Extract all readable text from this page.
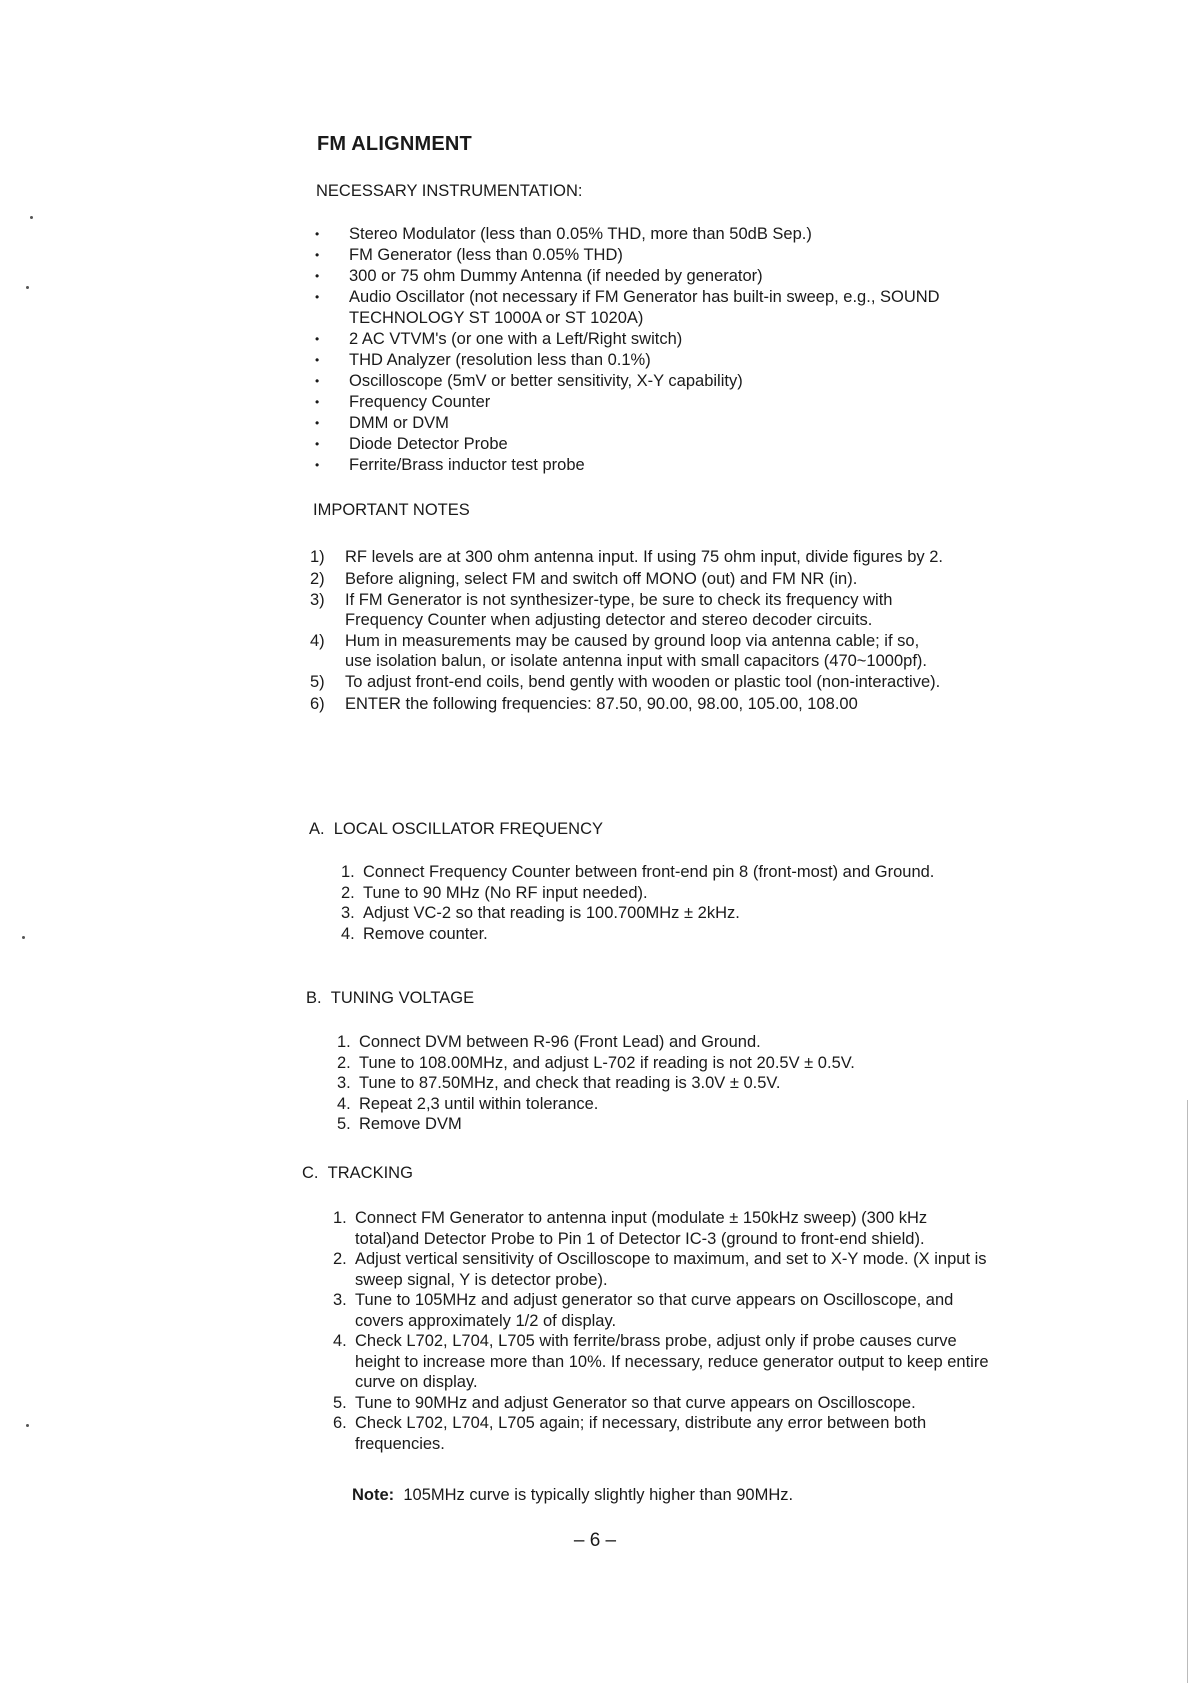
FM ALIGNMENT

NECESSARY INSTRUMENTATION:

• Stereo Modulator (less than 0.05% THD, more than 50dB Sep.)
• FM Generator (less than 0.05% THD)
• 300 or 75 ohm Dummy Antenna (if needed by generator)
• Audio Oscillator (not necessary if FM Generator has built-in sweep, e.g., SOUND TECHNOLOGY ST 1000A or ST 1020A)
• 2 AC VTVM's (or one with a Left/Right switch)
• THD Analyzer (resolution less than 0.1%)
• Oscilloscope (5mV or better sensitivity, X-Y capability)
• Frequency Counter
• DMM or DVM
• Diode Detector Probe
• Ferrite/Brass inductor test probe

IMPORTANT NOTES

1) RF levels are at 300 ohm antenna input. If using 75 ohm input, divide figures by 2.
2) Before aligning, select FM and switch off MONO (out) and FM NR (in).
3) If FM Generator is not synthesizer-type, be sure to check its frequency with Frequency Counter when adjusting detector and stereo decoder circuits.
4) Hum in measurements may be caused by ground loop via antenna cable; if so, use isolation balun, or isolate antenna input with small capacitors (470~1000pf).
5) To adjust front-end coils, bend gently with wooden or plastic tool (non-interactive).
6) ENTER the following frequencies: 87.50, 90.00, 98.00, 105.00, 108.00

A.  LOCAL OSCILLATOR FREQUENCY

1. Connect Frequency Counter between front-end pin 8 (front-most) and Ground.
2. Tune to 90 MHz (No RF input needed).
3. Adjust VC-2 so that reading is 100.700MHz ± 2kHz.
4. Remove counter.

B.  TUNING VOLTAGE

1. Connect DVM between R-96 (Front Lead) and Ground.
2. Tune to 108.00MHz, and adjust L-702 if reading is not 20.5V ± 0.5V.
3. Tune to 87.50MHz, and check that reading is 3.0V ± 0.5V.
4. Repeat 2,3 until within tolerance.
5. Remove DVM

C.  TRACKING

1. Connect FM Generator to antenna input (modulate ± 150kHz sweep) (300 kHz total)and Detector Probe to Pin 1 of Detector IC-3 (ground to front-end shield).
2. Adjust vertical sensitivity of Oscilloscope to maximum, and set to X-Y mode. (X input is sweep signal, Y is detector probe).
3. Tune to 105MHz and adjust generator so that curve appears on Oscilloscope, and covers approximately 1/2 of display.
4. Check L702, L704, L705 with ferrite/brass probe, adjust only if probe causes curve height to increase more than 10%. If necessary, reduce generator output to keep entire curve on display.
5. Tune to 90MHz and adjust Generator so that curve appears on Oscilloscope.
6. Check L702, L704, L705 again; if necessary, distribute any error between both frequencies.
Note: 105MHz curve is typically slightly higher than 90MHz.
– 6 –
